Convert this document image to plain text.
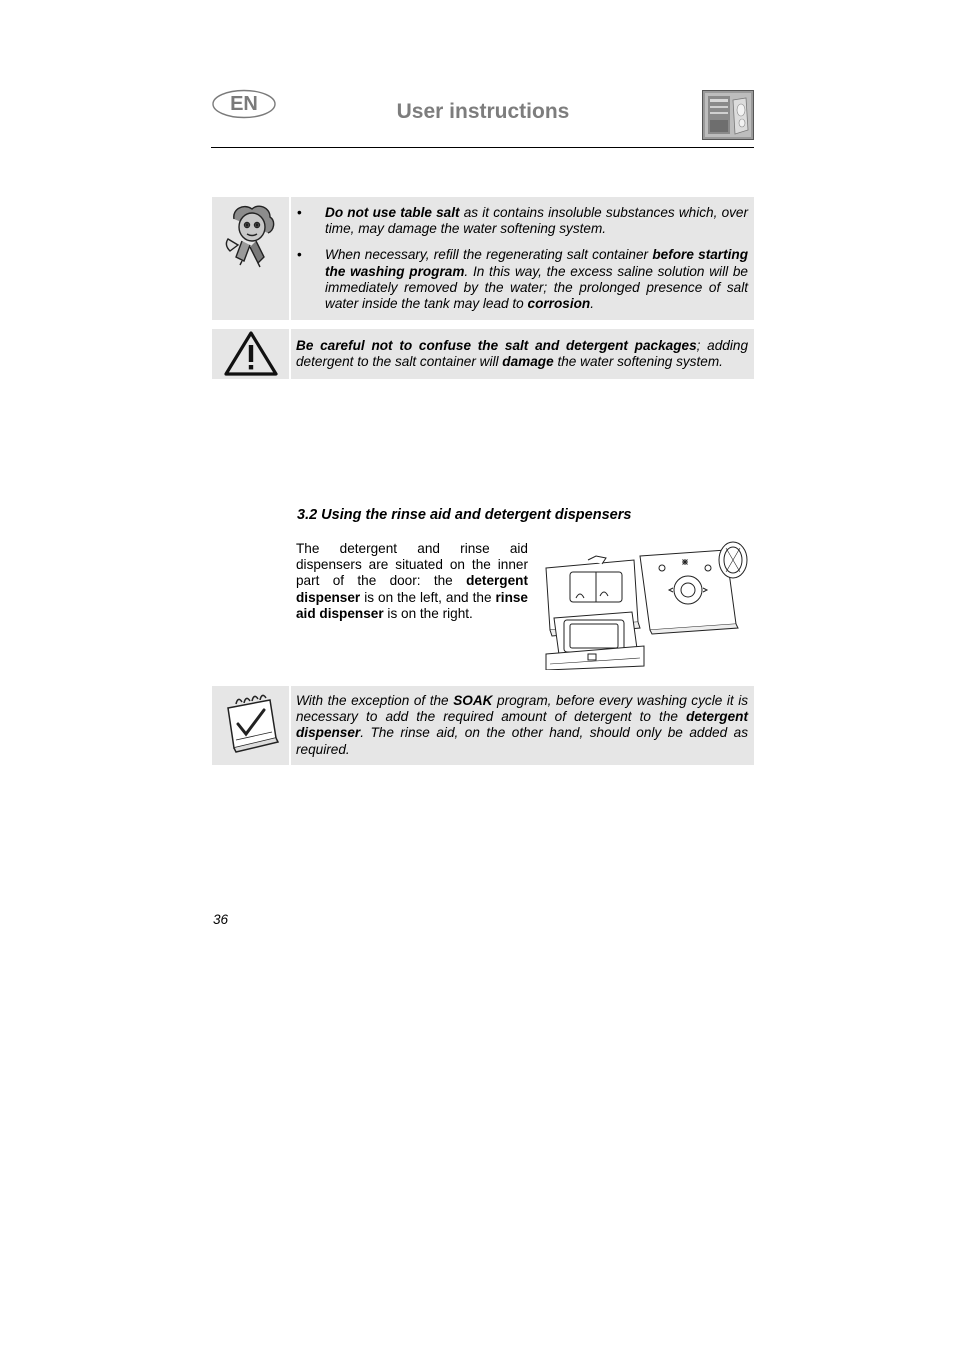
EN	User instructions
•	Do not use table salt as it contains insoluble substances which, over time, may damage the water softening system.
•	When necessary, refill the regenerating salt container before starting the washing program. In this way, the excess saline solution will be immediately removed by the water; the prolonged presence of salt water inside the tank may lead to corrosion.
Be careful not to confuse the salt and detergent packages; adding detergent to the salt container will damage the water softening system.
3.2 Using the rinse aid and detergent dispensers
The detergent and rinse aid dispensers are situated on the inner part of the door: the detergent dispenser is on the left, and the rinse aid dispenser is on the right.
With the exception of the SOAK program, before every washing cycle it is necessary to add the required amount of detergent to the detergent dispenser. The rinse aid, on the other hand, should only be added as required.
36
